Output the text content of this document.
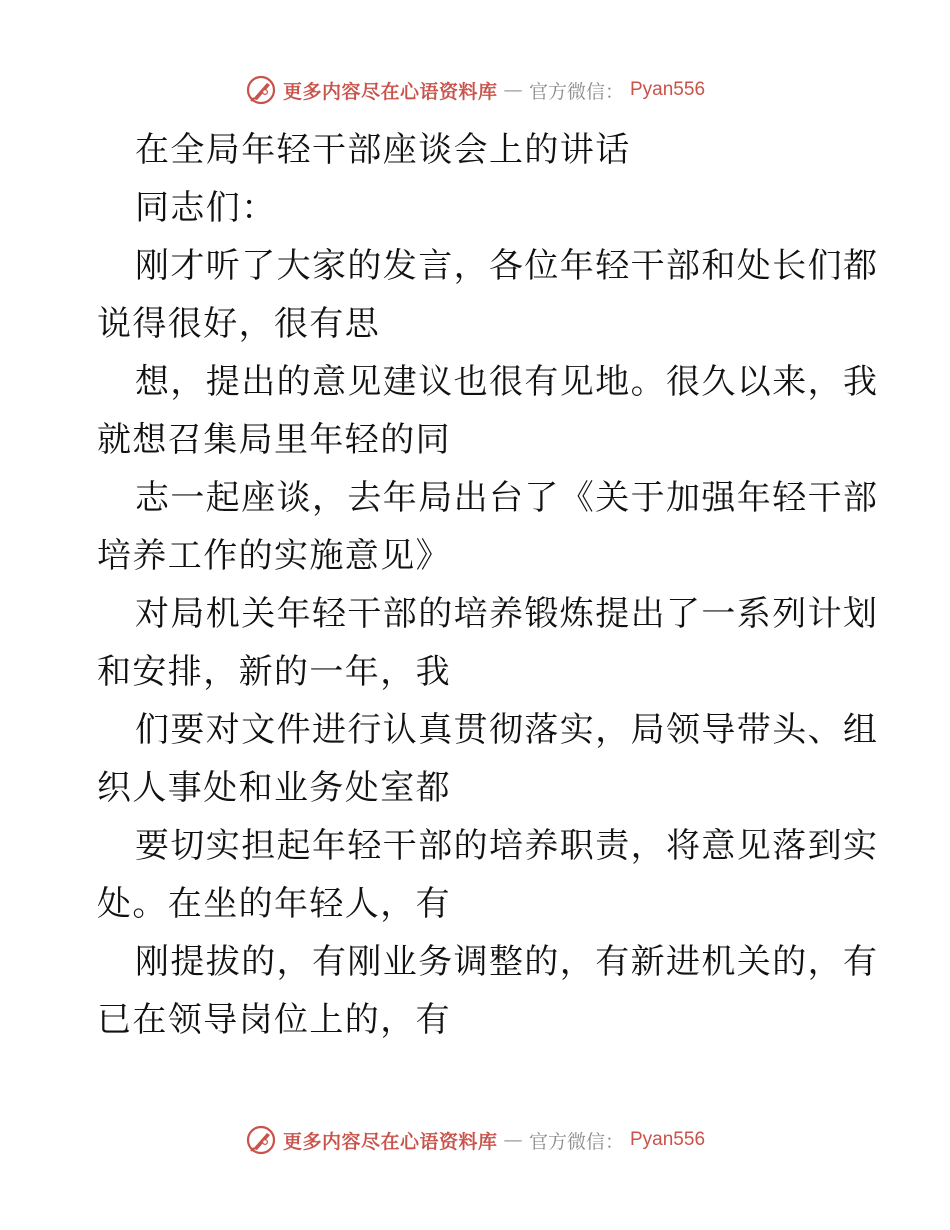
更多内容尽在心语资料库 — 官方微信： Pyan556
在全局年轻干部座谈会上的讲话
同志们：
刚才听了大家的发言，各位年轻干部和处长们都
说得很好，很有思
想，提出的意见建议也很有见地。很久以来，我
就想召集局里年轻的同
志一起座谈，去年局出台了《关于加强年轻干部
培养工作的实施意见》
对局机关年轻干部的培养锻炼提出了一系列计划
和安排，新的一年，我
们要对文件进行认真贯彻落实，局领导带头、组
织人事处和业务处室都
要切实担起年轻干部的培养职责，将意见落到实
处。在坐的年轻人，有
刚提拔的，有刚业务调整的，有新进机关的，有
已在领导岗位上的，有
更多内容尽在心语资料库 — 官方微信： Pyan556
